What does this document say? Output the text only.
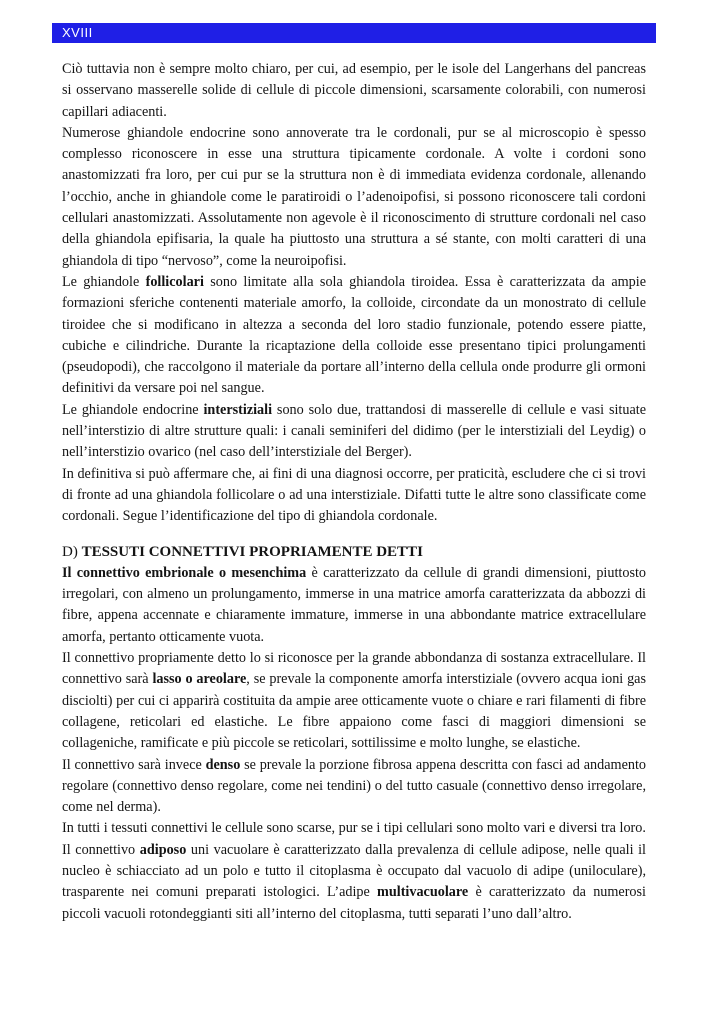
XVIII

Ciò tuttavia non è sempre molto chiaro, per cui, ad esempio, per le isole del Langerhans del pancreas si osservano masserelle solide di cellule di piccole dimensioni, scarsamente colorabili, con numerosi capillari adiacenti.

Numerose ghiandole endocrine sono annoverate tra le cordonali, pur se al microscopio è spesso complesso riconoscere in esse una struttura tipicamente cordonale. A volte i cordoni sono anastomizzati fra loro, per cui pur se la struttura non è di immediata evidenza cordonale, allenando l’occhio, anche in ghiandole come le paratiroidi o l’adenoipofisi, si possono riconoscere tali cordoni cellulari anastomizzati. Assolutamente non agevole è il riconoscimento di strutture cordonali nel caso della ghiandola epifisaria, la quale ha piuttosto una struttura a sé stante, con molti caratteri di una ghiandola di tipo “nervoso”, come la neuroipofisi.

Le ghiandole follicolari sono limitate alla sola ghiandola tiroidea. Essa è caratterizzata da ampie formazioni sferiche contenenti materiale amorfo, la colloide, circondate da un monostrato di cellule tiroidee che si modificano in altezza a seconda del loro stadio funzionale, potendo essere piatte, cubiche e cilindriche. Durante la ricaptazione della colloide esse presentano tipici prolungamenti (pseudopodi), che raccolgono il materiale da portare all’interno della cellula onde produrre gli ormoni definitivi da versare poi nel sangue.

Le ghiandole endocrine interstiziali sono solo due, trattandosi di masserelle di cellule e vasi situate nell’interstizio di altre strutture quali: i canali seminiferi del didimo (per le interstiziali del Leydig) o nell’interstizio ovarico (nel caso dell’interstiziale del Berger).

In definitiva si può affermare che, ai fini di una diagnosi occorre, per praticità, escludere che ci si trovi di fronte ad una ghiandola follicolare o ad una interstiziale. Difatti tutte le altre sono classificate come cordonali. Segue l’identificazione del tipo di ghiandola cordonale.

D) TESSUTI CONNETTIVI PROPRIAMENTE DETTI

Il connettivo embrionale o mesenchima è caratterizzato da cellule di grandi dimensioni, piuttosto irregolari, con almeno un prolungamento, immerse in una matrice amorfa caratterizzata da abbozzi di fibre, appena accennate e chiaramente immature, immerse in una abbondante matrice extracellulare amorfa, pertanto otticamente vuota.

Il connettivo propriamente detto lo si riconosce per la grande abbondanza di sostanza extracellulare. Il connettivo sarà lasso o areolare, se prevale la componente amorfa interstiziale (ovvero acqua ioni gas disciolti) per cui ci apparirà costituita da ampie aree otticamente vuote o chiare e rari filamenti di fibre collagene, reticolari ed elastiche. Le fibre appaiono come fasci di maggiori dimensioni se collageniche, ramificate e più piccole se reticolari, sottilissime e molto lunghe, se elastiche.

Il connettivo sarà invece denso se prevale la porzione fibrosa appena descritta con fasci ad andamento regolare (connettivo denso regolare, come nei tendini) o del tutto casuale (connettivo denso irregolare, come nel derma).

In tutti i tessuti connettivi le cellule sono scarse, pur se i tipi cellulari sono molto vari e diversi tra loro.

Il connettivo adiposo uni vacuolare è caratterizzato dalla prevalenza di cellule adipose, nelle quali il nucleo è schiacciato ad un polo e tutto il citoplasma è occupato dal vacuolo di adipe (uniloculare), trasparente nei comuni preparati istologici. L’adipe multivacuolare è caratterizzato da numerosi piccoli vacuoli rotondeggianti siti all’interno del citoplasma, tutti separati l’uno dall’altro.
